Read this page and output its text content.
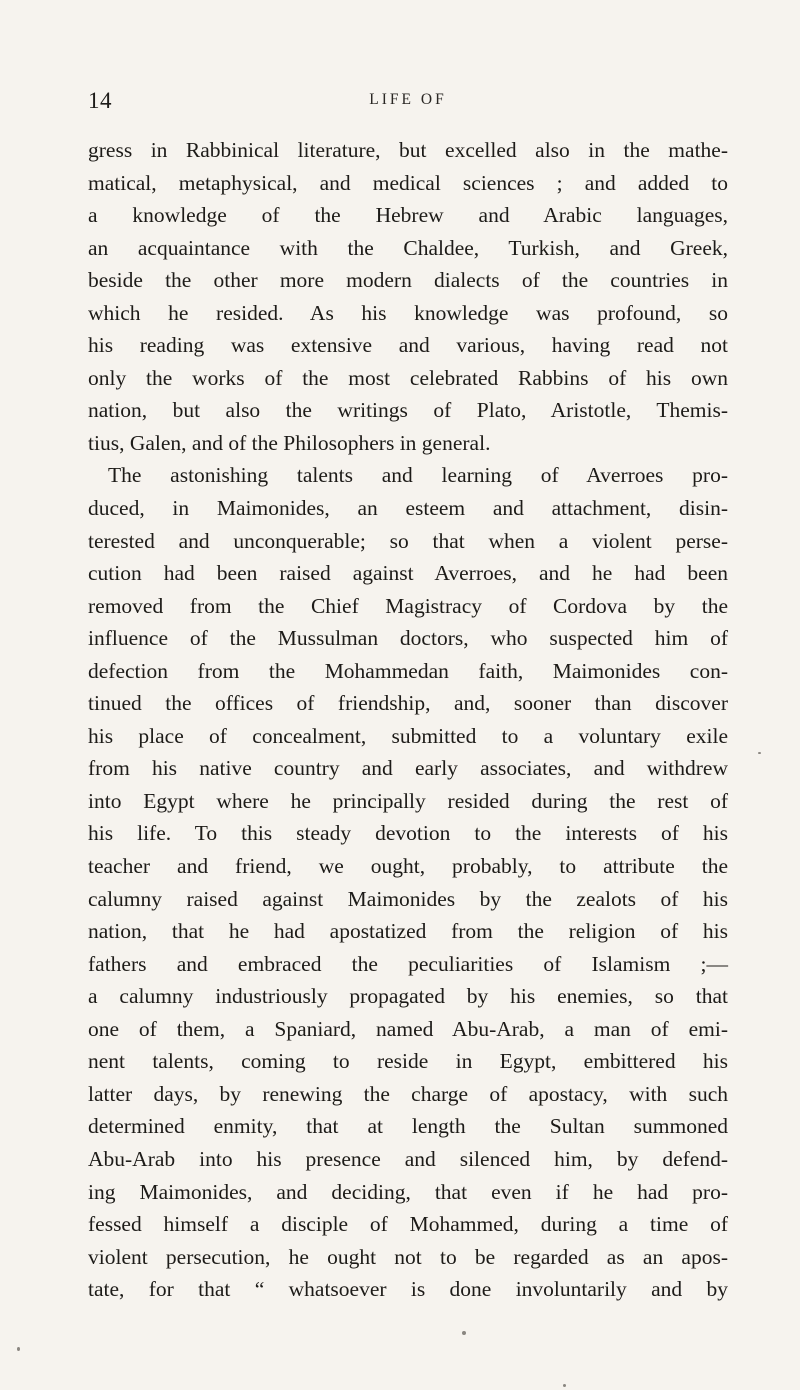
14	LIFE OF
gress in Rabbinical literature, but excelled also in the mathe-
matical, metaphysical, and medical sciences ; and added to
a knowledge of the Hebrew and Arabic languages,
an acquaintance with the Chaldee, Turkish, and Greek,
beside the other more modern dialects of the countries in
which he resided. As his knowledge was profound, so
his reading was extensive and various, having read not
only the works of the most celebrated Rabbins of his own
nation, but also the writings of Plato, Aristotle, Themis-
tius, Galen, and of the Philosophers in general.
The astonishing talents and learning of Averroes pro-
duced, in Maimonides, an esteem and attachment, disin-
terested and unconquerable; so that when a violent perse-
cution had been raised against Averroes, and he had been
removed from the Chief Magistracy of Cordova by the
influence of the Mussulman doctors, who suspected him of
defection from the Mohammedan faith, Maimonides con-
tinued the offices of friendship, and, sooner than discover
his place of concealment, submitted to a voluntary exile
from his native country and early associates, and withdrew
into Egypt where he principally resided during the rest of
his life. To this steady devotion to the interests of his
teacher and friend, we ought, probably, to attribute the
calumny raised against Maimonides by the zealots of his
nation, that he had apostatized from the religion of his
fathers and embraced the peculiarities of Islamism ;—
a calumny industriously propagated by his enemies, so that
one of them, a Spaniard, named Abu-Arab, a man of emi-
nent talents, coming to reside in Egypt, embittered his
latter days, by renewing the charge of apostacy, with such
determined enmity, that at length the Sultan summoned
Abu-Arab into his presence and silenced him, by defend-
ing Maimonides, and deciding, that even if he had pro-
fessed himself a disciple of Mohammed, during a time of
violent persecution, he ought not to be regarded as an apos-
tate, for that “ whatsoever is done involuntarily and by
